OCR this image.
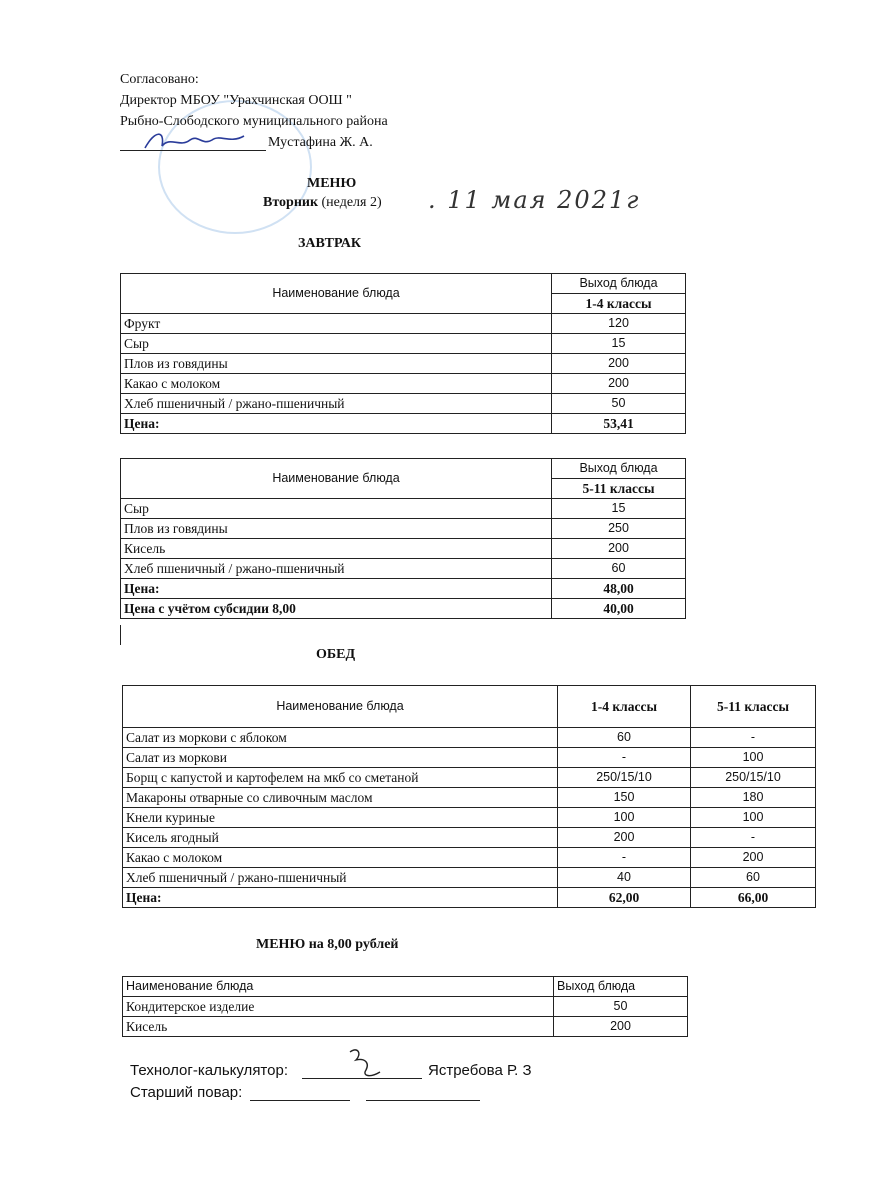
Согласовано:
Директор МБОУ "Урахчинская ООШ "
Рыбно-Слободского муниципального района
Мустафина Ж. А.
МЕНЮ
Вторник (неделя 2) . 11 мая 2021г
ЗАВТРАК
Наименование блюда	Выход блюда
	1-4 классы
Фрукт	120
Сыр	15
Плов из говядины	200
Какао с молоком	200
Хлеб пшеничный / ржано-пшеничный	50
Цена:	53,41
Наименование блюда	Выход блюда
	5-11 классы
Сыр	15
Плов из говядины	250
Кисель	200
Хлеб пшеничный / ржано-пшеничный	60
Цена:	48,00
Цена с учётом субсидии 8,00	40,00
ОБЕД
Наименование блюда	1-4 классы	5-11 классы
Салат из моркови с яблоком	60	-
Салат из моркови	-	100
Борщ с капустой и картофелем на мкб со сметаной	250/15/10	250/15/10
Макароны отварные со сливочным маслом	150	180
Кнели куриные	100	100
Кисель ягодный	200	-
Какао с молоком	-	200
Хлеб пшеничный / ржано-пшеничный	40	60
Цена:	62,00	66,00
МЕНЮ на 8,00 рублей
Наименование блюда	Выход блюда
Кондитерское изделие	50
Кисель	200
Технолог-калькулятор:	Ястребова Р. З
Старший повар:
